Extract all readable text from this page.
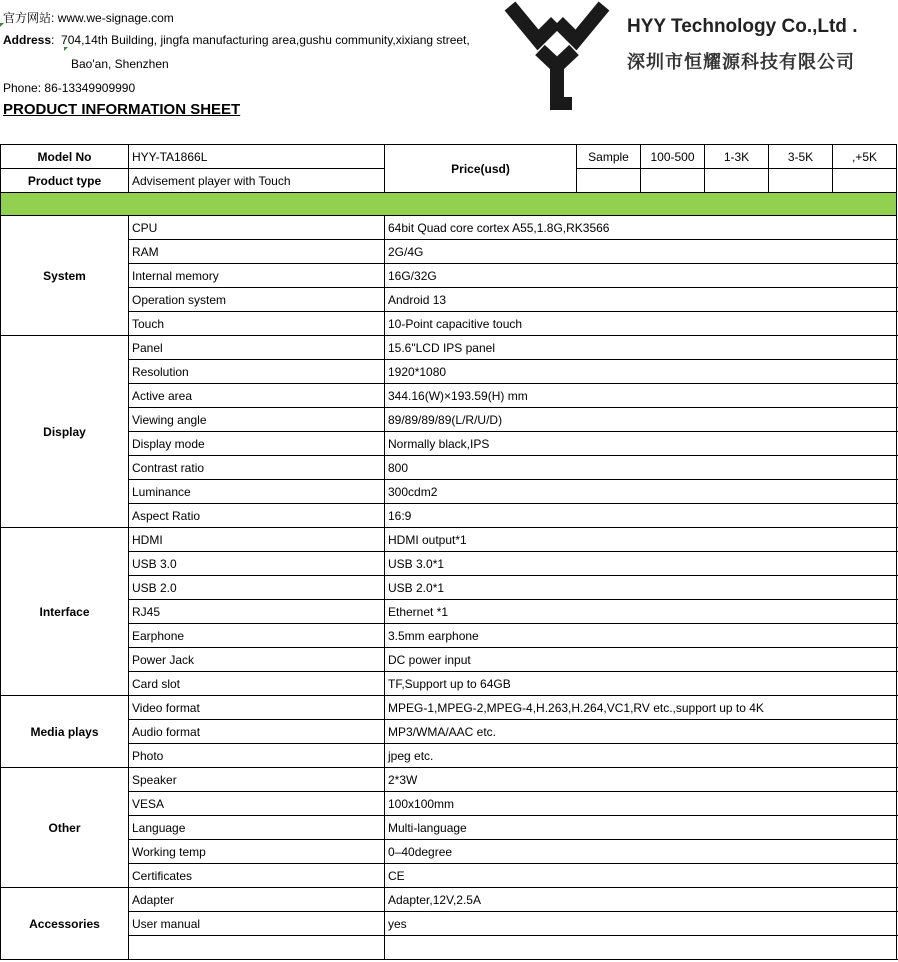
官方网站: www.we-signage.com
Address:  704,14th Building, jingfa manufacturing area,gushu community,xixiang street,
Bao'an, Shenzhen
Phone: 86-13349909990
PRODUCT INFORMATION SHEET
HYY Technology Co.,Ltd .
深圳市恒耀源科技有限公司
Model No	HYY-TA1866L	Price(usd)	Sample	100-500	1-3K	3-5K	,+5K
Product type	Advisement player with Touch						

System	CPU	64bit Quad core cortex A55,1.8G,RK3566					
	RAM	2G/4G					
	Internal memory	16G/32G					
	Operation system	Android 13					
	Touch	10-Point capacitive touch					
Display	Panel	15.6"LCD IPS panel					
	Resolution	1920*1080					
	Active area	344.16(W)×193.59(H) mm					
	Viewing angle	89/89/89/89(L/R/U/D)					
	Display mode	Normally black,IPS					
	Contrast ratio	800					
	Luminance	300cdm2					
	Aspect Ratio	16:9					
Interface	HDMI	HDMI output*1					
	USB 3.0	USB 3.0*1					
	USB 2.0	USB 2.0*1					
	RJ45	Ethernet *1					
	Earphone	3.5mm earphone					
	Power Jack	DC power input					
	Card slot	TF,Support up to 64GB					
Media plays	Video format	MPEG-1,MPEG-2,MPEG-4,H.263,H.264,VC1,RV etc.,support up to 4K					
	Audio format	MP3/WMA/AAC etc.					
	Photo	jpeg etc.					
Other	Speaker	2*3W					
	VESA	100x100mm					
	Language	Multi-language					
	Working temp	0–40degree					
	Certificates	CE					
Accessories	Adapter	Adapter,12V,2.5A					
	User manual	yes					
